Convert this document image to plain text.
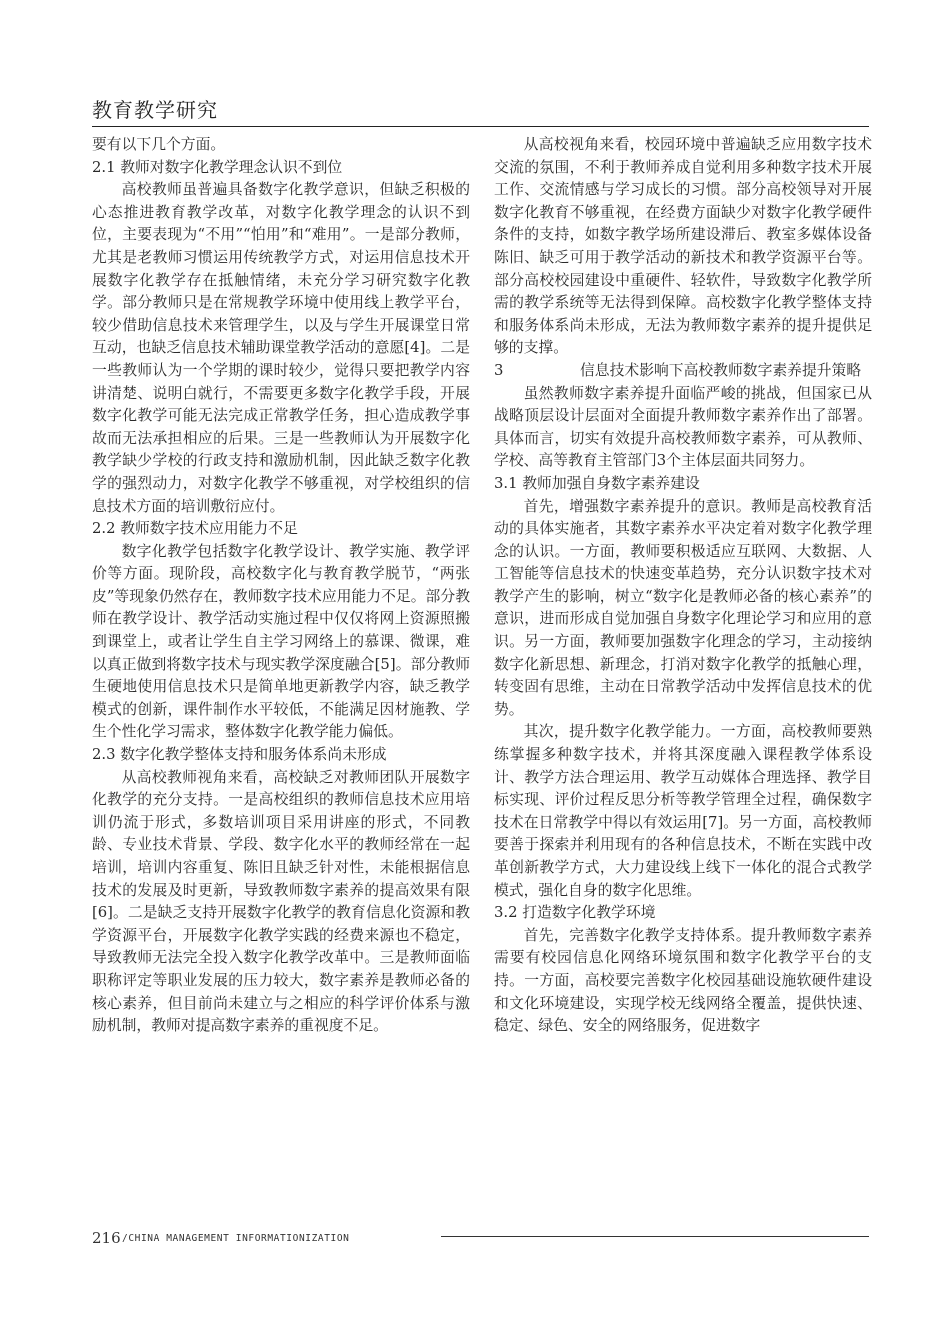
教育教学研究

要有以下几个方面。

2.1 教师对数字化教学理念认识不到位

高校教师虽普遍具备数字化教学意识，但缺乏积极的心态推进教育教学改革，对数字化教学理念的认识不到位，主要表现为“不用”“怕用”和“难用”。一是部分教师，尤其是老教师习惯运用传统教学方式，对运用信息技术开展数字化教学存在抵触情绪，未充分学习研究数字化教学。部分教师只是在常规教学环境中使用线上教学平台，较少借助信息技术来管理学生，以及与学生开展课堂日常互动，也缺乏信息技术辅助课堂教学活动的意愿[4]。二是一些教师认为一个学期的课时较少，觉得只要把教学内容讲清楚、说明白就行，不需要更多数字化教学手段，开展数字化教学可能无法完成正常教学任务，担心造成教学事故而无法承担相应的后果。三是一些教师认为开展数字化教学缺少学校的行政支持和激励机制，因此缺乏数字化教学的强烈动力，对数字化教学不够重视，对学校组织的信息技术方面的培训敷衍应付。

2.2 教师数字技术应用能力不足

数字化教学包括数字化教学设计、教学实施、教学评价等方面。现阶段，高校数字化与教育教学脱节，“两张皮”等现象仍然存在，教师数字技术应用能力不足。部分教师在教学设计、教学活动实施过程中仅仅将网上资源照搬到课堂上，或者让学生自主学习网络上的慕课、微课，难以真正做到将数字技术与现实教学深度融合[5]。部分教师生硬地使用信息技术只是简单地更新教学内容，缺乏教学模式的创新，课件制作水平较低，不能满足因材施教、学生个性化学习需求，整体数字化教学能力偏低。

2.3 数字化教学整体支持和服务体系尚未形成

从高校教师视角来看，高校缺乏对教师团队开展数字化教学的充分支持。一是高校组织的教师信息技术应用培训仍流于形式，多数培训项目采用讲座的形式，不同教龄、专业技术背景、学段、数字化水平的教师经常在一起培训，培训内容重复、陈旧且缺乏针对性，未能根据信息技术的发展及时更新，导致教师数字素养的提高效果有限[6]。二是缺乏支持开展数字化教学的教育信息化资源和教学资源平台，开展数字化教学实践的经费来源也不稳定，导致教师无法完全投入数字化教学改革中。三是教师面临职称评定等职业发展的压力较大，数字素养是教师必备的核心素养，但目前尚未建立与之相应的科学评价体系与激励机制，教师对提高数字素养的重视度不足。

从高校视角来看，校园环境中普遍缺乏应用数字技术交流的氛围，不利于教师养成自觉利用多种数字技术开展工作、交流情感与学习成长的习惯。部分高校领导对开展数字化教育不够重视，在经费方面缺少对数字化教学硬件条件的支持，如数字教学场所建设滞后、教室多媒体设备陈旧、缺乏可用于教学活动的新技术和教学资源平台等。部分高校校园建设中重硬件、轻软件，导致数字化教学所需的教学系统等无法得到保障。高校数字化教学整体支持和服务体系尚未形成，无法为教师数字素养的提升提供足够的支撑。

3	信息技术影响下高校教师数字素养提升策略

虽然教师数字素养提升面临严峻的挑战，但国家已从战略顶层设计层面对全面提升教师数字素养作出了部署。具体而言，切实有效提升高校教师数字素养，可从教师、学校、高等教育主管部门3个主体层面共同努力。

3.1 教师加强自身数字素养建设

首先，增强数字素养提升的意识。教师是高校教育活动的具体实施者，其数字素养水平决定着对数字化教学理念的认识。一方面，教师要积极适应互联网、大数据、人工智能等信息技术的快速变革趋势，充分认识数字技术对教学产生的影响，树立“数字化是教师必备的核心素养”的意识，进而形成自觉加强自身数字化理论学习和应用的意识。另一方面，教师要加强数字化理念的学习，主动接纳数字化新思想、新理念，打消对数字化教学的抵触心理，转变固有思维，主动在日常教学活动中发挥信息技术的优势。

其次，提升数字化教学能力。一方面，高校教师要熟练掌握多种数字技术，并将其深度融入课程教学体系设计、教学方法合理运用、教学互动媒体合理选择、教学目标实现、评价过程反思分析等教学管理全过程，确保数字技术在日常教学中得以有效运用[7]。另一方面，高校教师要善于探索并利用现有的各种信息技术，不断在实践中改革创新教学方式，大力建设线上线下一体化的混合式教学模式，强化自身的数字化思维。

3.2 打造数字化教学环境

首先，完善数字化教学支持体系。提升教师数字素养需要有校园信息化网络环境氛围和数字化教学平台的支持。一方面，高校要完善数字化校园基础设施软硬件建设和文化环境建设，实现学校无线网络全覆盖，提供快速、稳定、绿色、安全的网络服务，促进数字

216 /CHINA MANAGEMENT INFORMATIONIZATION
